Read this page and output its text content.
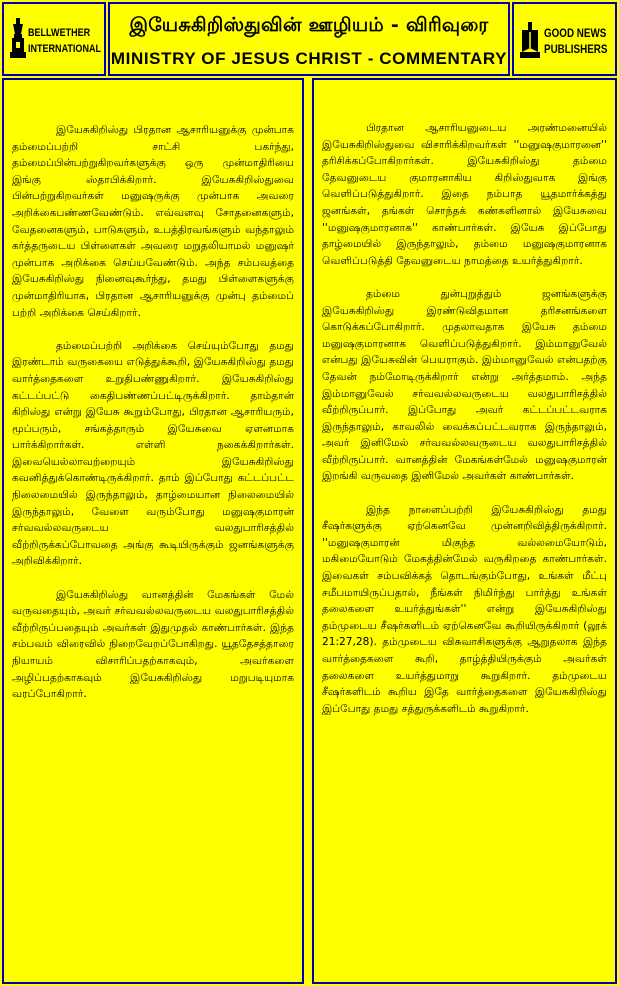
BELLWETHER
INTERNATIONAL
இயேசுகிறிஸ்துவின் ஊழியம் - விரிவுரை
MINISTRY OF JESUS CHRIST - COMMENTARY
GOOD NEWS
PUBLISHERS

இயேசுகிறிஸ்து பிரதான ஆசாரியனுக்கு முன்பாக தம்மைப்பற்றி சாட்சி பகர்ந்து, தம்மைப்பின்பற்றுகிறவர்களுக்கு ஒரு முன்மாதிரியை இங்கு ஸ்தாபிக்கிறார். இயேசுகிறிஸ்துவை பின்பற்றுகிறவர்கள் மனுஷருக்கு முன்பாக அவரை அறிக்கைபண்ணவேண்டும். எவ்வளவு சோதனைகளும், வேதனைகளும், பாடுகளும், உபத்திரவங்களும் வந்தாலும் கர்த்தருடைய பிள்ளைகள் அவரை மறுதலியாமல் மனுஷர் முன்பாக அறிக்கை செய்யவேண்டும். அந்த சம்பவத்தை இயேசுகிறிஸ்து நினைவுகூர்ந்து, தமது பிள்ளைகளுக்கு முன்மாதிரியாக, பிரதான ஆசாரியனுக்கு முன்பு தம்மைப் பற்றி அறிக்கை செய்கிறார்.

தம்மைப்பற்றி அறிக்கை செய்யும்போது தமது இரண்டாம் வருகையை எடுத்துக்கூறி, இயேசுகிறிஸ்து தமது வார்த்தைகளை உறுதிபண்ணுகிறார். இயேசுகிறிஸ்து கட்டப்பட்டு கைதிபண்ணப்பட்டிருக்கிறார். தாம்தான் கிறிஸ்து என்று இயேசு கூறும்போது, பிரதான ஆசாரியரும், மூப்பரும், சங்கத்தாரும் இயேசுவை ஏளனமாக பார்க்கிறார்கள். எள்ளி நகைக்கிறார்கள். இவையெல்லாவற்றையும் இயேசுகிறிஸ்து கவனித்துக்கொண்டிருக்கிறார். தாம் இப்போது கட்டப்பட்ட நிலைமையில் இருந்தாலும், தாழ்மையான நிலைமையில் இருந்தாலும், வேளை வரும்போது மனுஷகுமாரன் சர்வவல்லவருடைய வலதுபாரிசத்தில் வீற்றிருக்கப்போவதை அங்கு கூடியிருக்கும் ஜனங்களுக்கு அறிவிக்கிறார்.

இயேசுகிறிஸ்து வானத்தின் மேகங்கள் மேல் வருவதையும், அவர் சர்வவல்லவருடைய வலதுபாரிசத்தில் வீற்றிருப்பதையும் அவர்கள் இதுமுதல் காண்பார்கள். இந்த சம்பவம் விரைவில் நிறைவேறப்போகிறது. யூததேசத்தாரை நியாயம் விசாரிப்பதற்காகவும், அவர்களை அழிப்பதற்காகவும் இயேசுகிறிஸ்து மறுபடியுமாக வரப்போகிறார்.

பிரதான ஆசாரியனுடைய அரண்மனையில் இயேசுகிறிஸ்துவை விசாரிக்கிறவர்கள் ''மனுஷகுமாரனை'' தரிசிக்கப்போகிறார்கள். இயேசுகிறிஸ்து தம்மை தேவனுடைய குமாரனாகிய கிறிஸ்துவாக இங்கு வெளிப்படுத்துகிறார். இதை நம்பாத யூதமார்க்கத்து ஜனங்கள், தங்கள் சொந்தக் கண்களினால் இயேசுவை ''மனுஷகுமாரனாக'' காண்பார்கள். இயேசு இப்போது தாழ்மையில் இருந்தாலும், தம்மை மனுஷகுமாரனாக வெளிப்படுத்தி தேவனுடைய நாமத்தை உயர்த்துகிறார்.

தம்மை துன்புறுத்தும் ஜனங்களுக்கு இயேசுகிறிஸ்து இரண்டுவிதமான தரிசனங்களை கொடுக்கப்போகிறார். முதலாவதாக இயேசு தம்மை மனுஷகுமாரனாக வெளிப்படுத்துகிறார். இம்மானுவேல் என்பது இயேசுவின் பெயராகும். இம்மானுவேல் என்பதற்கு தேவன் நம்மோடிருக்கிறார் என்று அர்த்தமாம். அந்த இம்மானுவேல் சர்வவல்லவருடைய வலதுபாரிசத்தில் வீற்றிருப்பார். இப்போது அவர் கட்டப்பட்டவராக இருந்தாலும், காவலில் வைக்கப்பட்டவராக இருந்தாலும், அவர் இனிமேல் சர்வவல்லவருடைய வலதுபாரிசத்தில் வீற்றிருப்பார். வானத்தின் மேகங்கள்மேல் மனுஷகுமாரன் இறங்கி வருவதை இனிமேல் அவர்கள் காண்பார்கள்.

இந்த நாளைப்பற்றி இயேசுகிறிஸ்து தமது சீஷர்களுக்கு ஏற்கெனவே முன்னறிவித்திருக்கிறார். ''மனுஷகுமாரன் மிகுந்த வல்லமையோடும், மகிமையோடும் மேகத்தின்மேல் வருகிறதை காண்பார்கள். இவைகள் சம்பவிக்கத் தொடங்கும்போது, உங்கள் மீட்பு சமீபமாயிருப்பதால், நீங்கள் நிமிர்ந்து பார்த்து உங்கள் தலைகளை உயர்த்துங்கள்'' என்று இயேசுகிறிஸ்து தம்முடைய சீஷர்களிடம் ஏற்கெனவே கூறியிருக்கிறார் (லூக் 21:27,28). தம்முடைய விசுவாசிகளுக்கு ஆறுதலாக இந்த வார்த்தைகளை கூறி, தாழ்த்தியிருக்கும் அவர்கள் தலைகளை உயர்த்துமாறு கூறுகிறார். தம்முடைய சீஷர்களிடம் கூறிய இதே வார்த்தைகளை இயேசுகிறிஸ்து இப்போது தமது சத்துருக்களிடம் கூறுகிறார்.
